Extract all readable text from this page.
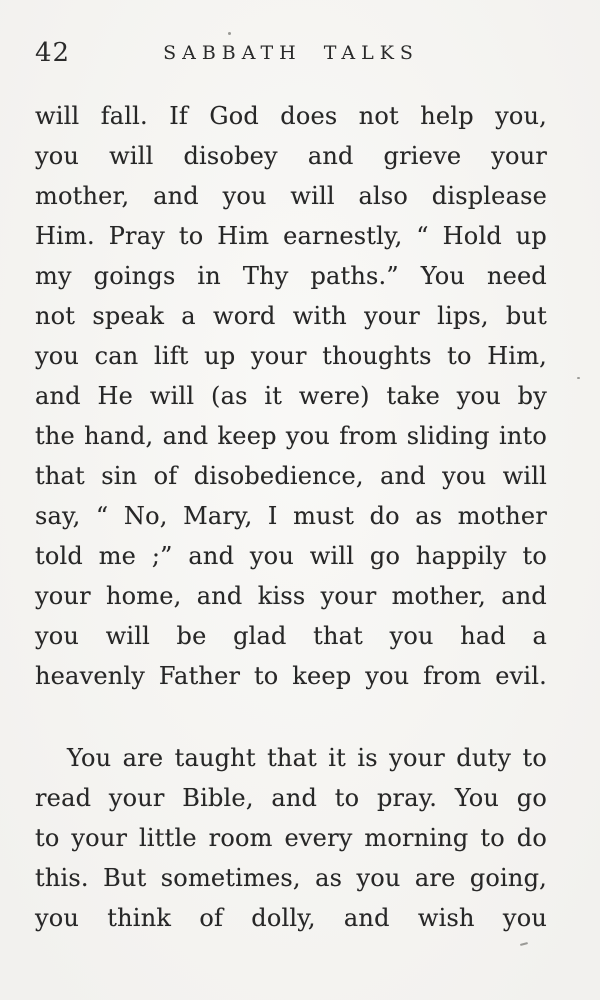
42	SABBATH TALKS
will fall. If God does not help you,
you will disobey and grieve your
mother, and you will also displease
Him. Pray to Him earnestly, “ Hold up
my goings in Thy paths.” You need
not speak a word with your lips, but
you can lift up your thoughts to Him,
and He will (as it were) take you by
the hand, and keep you from sliding into
that sin of disobedience, and you will
say, “ No, Mary, I must do as mother
told me ;” and you will go happily to
your home, and kiss your mother, and
you will be glad that you had a
heavenly Father to keep you from evil.
You are taught that it is your duty to
read your Bible, and to pray. You go
to your little room every morning to do
this. But sometimes, as you are going,
you think of dolly, and wish you
